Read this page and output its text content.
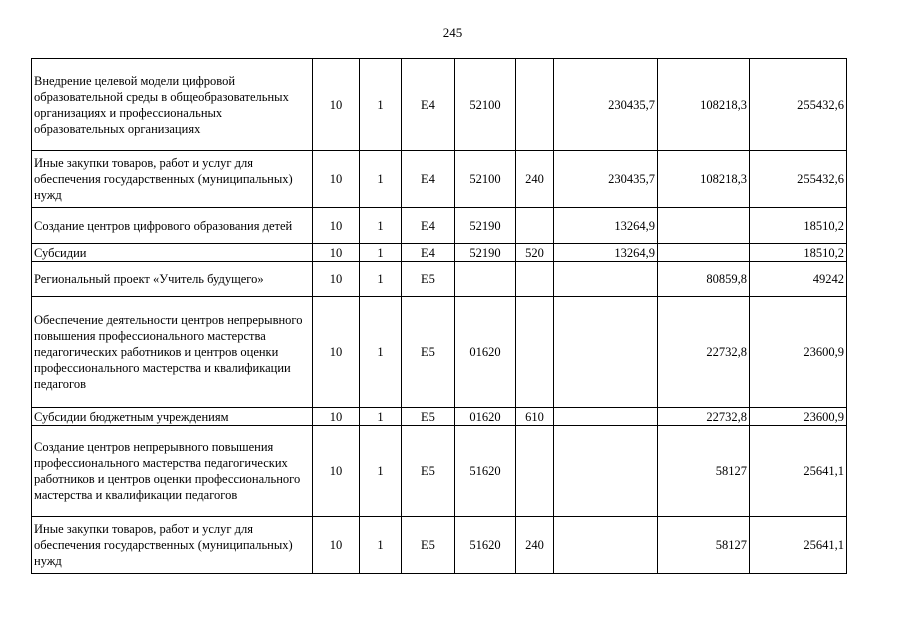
245
Внедрение целевой модели цифровой образовательной среды в общеобразовательных организациях и профессиональных образовательных организациях	10	1	E4	52100		230435,7	108218,3	255432,6
Иные закупки товаров, работ и услуг для обеспечения государственных (муниципальных) нужд	10	1	E4	52100	240	230435,7	108218,3	255432,6
Создание центров цифрового образования детей	10	1	E4	52190		13264,9		18510,2
Субсидии	10	1	E4	52190	520	13264,9		18510,2
Региональный проект «Учитель будущего»	10	1	E5				80859,8	49242
Обеспечение деятельности центров непрерывного повышения профессионального мастерства педагогических работников и центров оценки профессионального мастерства и квалификации педагогов	10	1	E5	01620			22732,8	23600,9
Субсидии бюджетным учреждениям	10	1	E5	01620	610		22732,8	23600,9
Создание центров непрерывного повышения профессионального мастерства педагогических работников и центров оценки профессионального мастерства и квалификации педагогов	10	1	E5	51620			58127	25641,1
Иные закупки товаров, работ и услуг для обеспечения государственных (муниципальных) нужд	10	1	E5	51620	240		58127	25641,1
